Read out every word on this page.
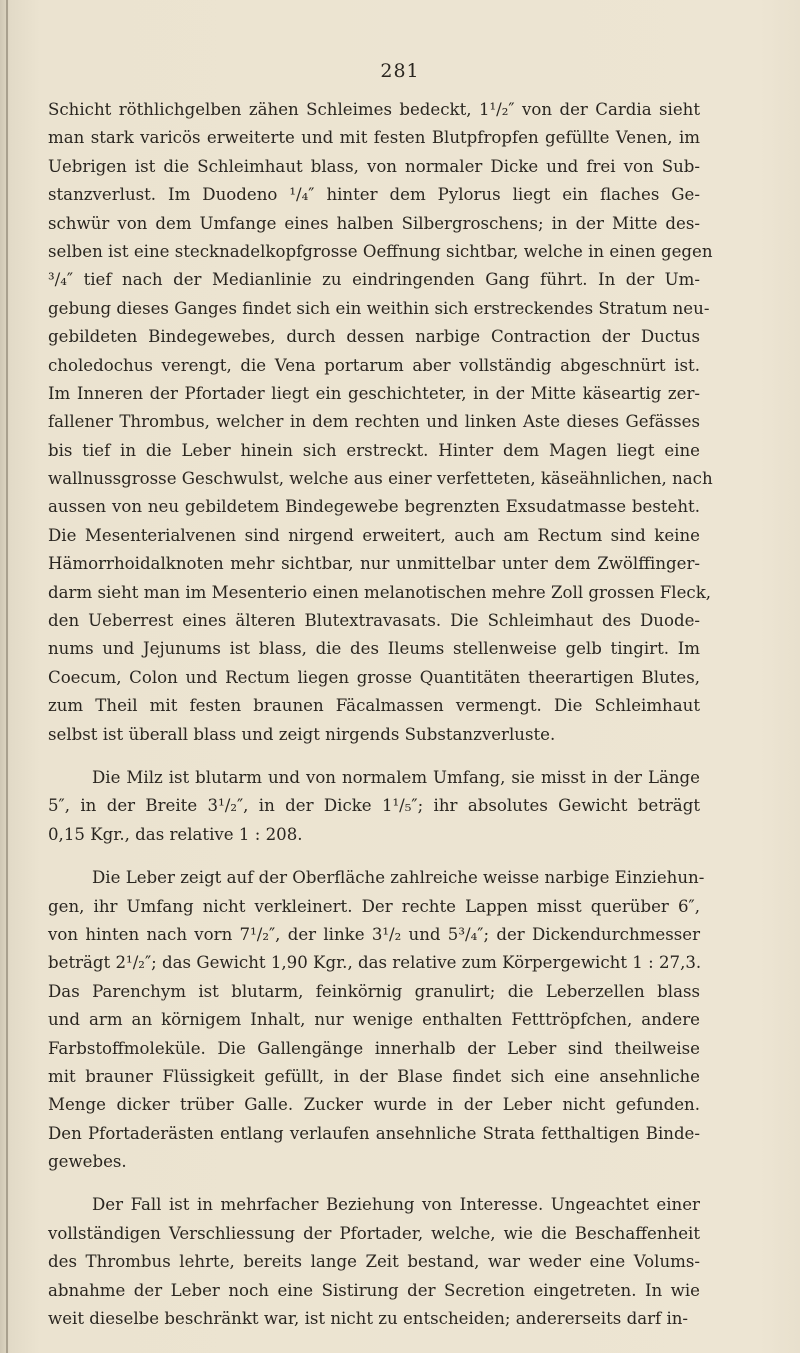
281
Schicht röthlichgelben zähen Schleimes bedeckt, 1¹/₂″ von der Cardia sieht
man stark varicös erweiterte und mit festen Blutpfropfen gefüllte Venen, im
Uebrigen ist die Schleimhaut blass, von normaler Dicke und frei von Sub-
stanzverlust. Im Duodeno ¹/₄″ hinter dem Pylorus liegt ein flaches Ge-
schwür von dem Umfange eines halben Silbergroschens; in der Mitte des-
selben ist eine stecknadelkopfgrosse Oeffnung sichtbar, welche in einen gegen
³/₄″ tief nach der Medianlinie zu eindringenden Gang führt. In der Um-
gebung dieses Ganges findet sich ein weithin sich erstreckendes Stratum neu-
gebildeten Bindegewebes, durch dessen narbige Contraction der Ductus
choledochus verengt, die Vena portarum aber vollständig abgeschnürt ist.
Im Inneren der Pfortader liegt ein geschichteter, in der Mitte käseartig zer-
fallener Thrombus, welcher in dem rechten und linken Aste dieses Gefässes
bis tief in die Leber hinein sich erstreckt. Hinter dem Magen liegt eine
wallnussgrosse Geschwulst, welche aus einer verfetteten, käseähnlichen, nach
aussen von neu gebildetem Bindegewebe begrenzten Exsudatmasse besteht.
Die Mesenterialvenen sind nirgend erweitert, auch am Rectum sind keine
Hämorrhoidalknoten mehr sichtbar, nur unmittelbar unter dem Zwölffinger-
darm sieht man im Mesenterio einen melanotischen mehre Zoll grossen Fleck,
den Ueberrest eines älteren Blutextravasats. Die Schleimhaut des Duode-
nums und Jejunums ist blass, die des Ileums stellenweise gelb tingirt. Im
Coecum, Colon und Rectum liegen grosse Quantitäten theerartigen Blutes,
zum Theil mit festen braunen Fäcalmassen vermengt. Die Schleimhaut
selbst ist überall blass und zeigt nirgends Substanzverluste.
Die Milz ist blutarm und von normalem Umfang, sie misst in der Länge
5″, in der Breite 3¹/₂″, in der Dicke 1¹/₅″; ihr absolutes Gewicht beträgt
0,15 Kgr., das relative 1 : 208.
Die Leber zeigt auf der Oberfläche zahlreiche weisse narbige Einziehun-
gen, ihr Umfang nicht verkleinert. Der rechte Lappen misst querüber 6″,
von hinten nach vorn 7¹/₂″, der linke 3¹/₂ und 5³/₄″; der Dickendurchmesser
beträgt 2¹/₂″; das Gewicht 1,90 Kgr., das relative zum Körpergewicht 1 : 27,3.
Das Parenchym ist blutarm, feinkörnig granulirt; die Leberzellen blass
und arm an körnigem Inhalt, nur wenige enthalten Fetttröpfchen, andere
Farbstoffmoleküle. Die Gallengänge innerhalb der Leber sind theilweise
mit brauner Flüssigkeit gefüllt, in der Blase findet sich eine ansehnliche
Menge dicker trüber Galle. Zucker wurde in der Leber nicht gefunden.
Den Pfortaderästen entlang verlaufen ansehnliche Strata fetthaltigen Binde-
gewebes.
Der Fall ist in mehrfacher Beziehung von Interesse. Ungeachtet einer
vollständigen Verschliessung der Pfortader, welche, wie die Beschaffenheit
des Thrombus lehrte, bereits lange Zeit bestand, war weder eine Volums-
abnahme der Leber noch eine Sistirung der Secretion eingetreten. In wie
weit dieselbe beschränkt war, ist nicht zu entscheiden; andererseits darf in-
